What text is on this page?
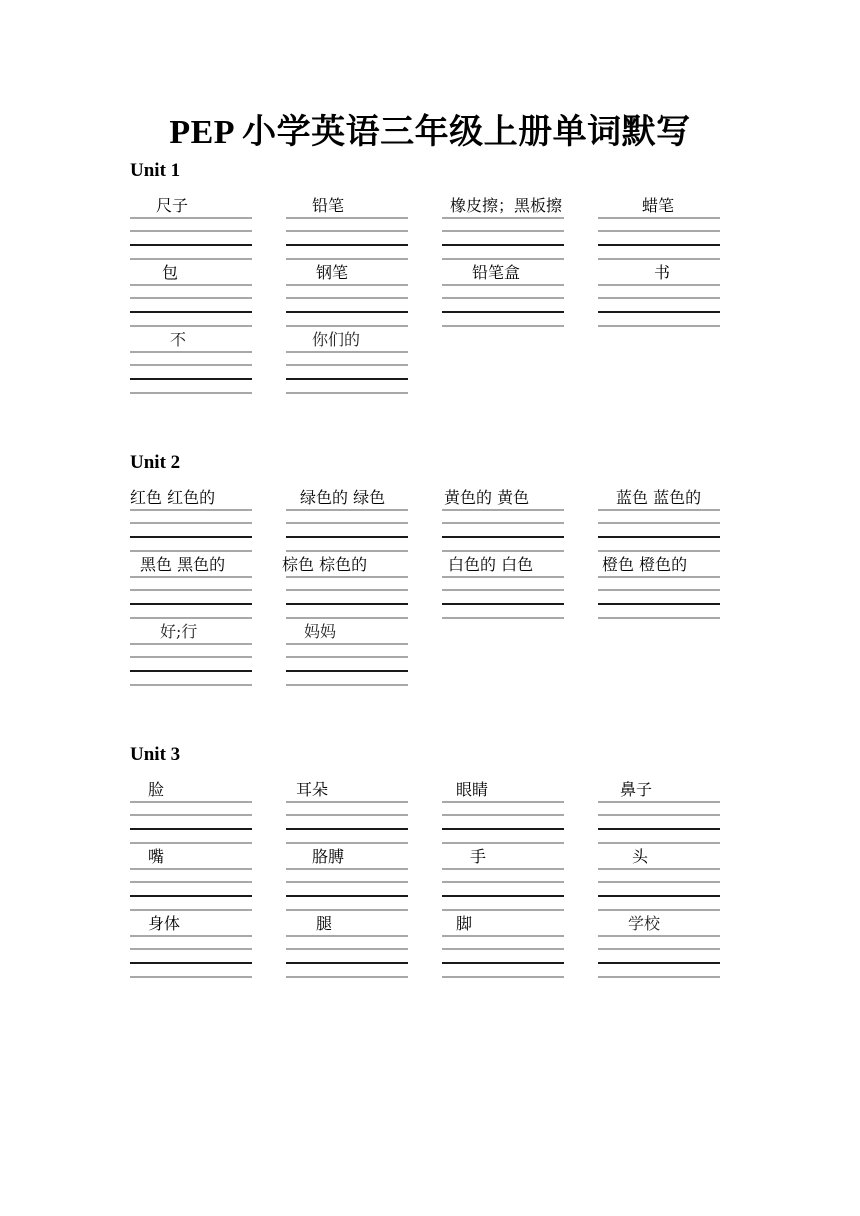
PEP 小学英语三年级上册单词默写
Unit 1
尺子	铅笔	橡皮擦；黑板擦	蜡笔
包	钢笔	铅笔盒	书
不	你们的
Unit 2
红色 红色的	绿色的 绿色	黄色的 黄色	蓝色 蓝色的
黑色 黑色的	棕色 棕色的	白色的 白色	橙色 橙色的
好;行	妈妈
Unit 3
脸	耳朵	眼睛	鼻子
嘴	胳膊	手	头
身体	腿	脚	学校
